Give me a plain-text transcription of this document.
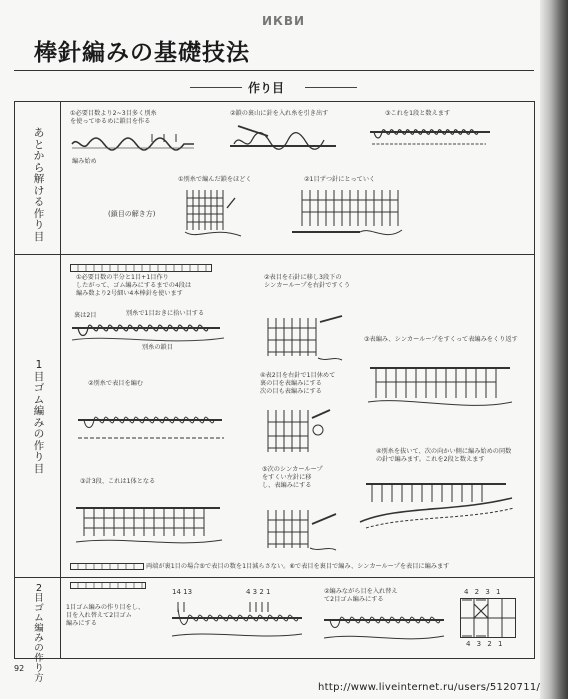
ИКВИ
棒針編みの基礎技法
作り目
あとから解ける作り目
1目ゴム編みの作り目
2目ゴム編みの作り方
①必要目数より2~3目多く別糸
を使ってゆるめに鎖目を作る
編み始め
②鎖の裏山に針を入れ糸を引き出す	③これを1段と数えます
①別糸で編んだ鎖をほどく
(鎖目の解き方)
②1目ずつ針にとっていく
①必要目数の半分と1目+1目作り
したがって、ゴム編みにするまでの4段は
編み数より2号細い4本棒針を使います
裏は2目	別糸で1目おきに拾い目する
別糸の鎖目
②表目を石針に移し3段下の
シンカーループを右針ですくう
③表編み、シンカーループをすくって表編みをくり返す
②別糸で表目を編む
④表2目を右針で1目休めて
裏の目を表編みにする
次の目も表編みにする
④別糸を抜いて、次の向かい側に編み始めの同数
の針で編みます。これを2段と数えます
③計3段、これは1体となる
⑤次のシンカーループ
をすくい左針に移
し、表編みにする
両端が裏1目の場合⑤で表目の数を1目減らさない。⑥で表目を裏目で編み、シンカーループを表目に編みます
1目ゴム編みの作り目をし、
目を入れ替えて2目ゴム
編みにする
14 13	4 3 2 1	②編みながら目を入れ替え
て2目ゴム編みにする
4 2 3 1
4 3 2 1
92
http://www.liveinternet.ru/users/5120711/
